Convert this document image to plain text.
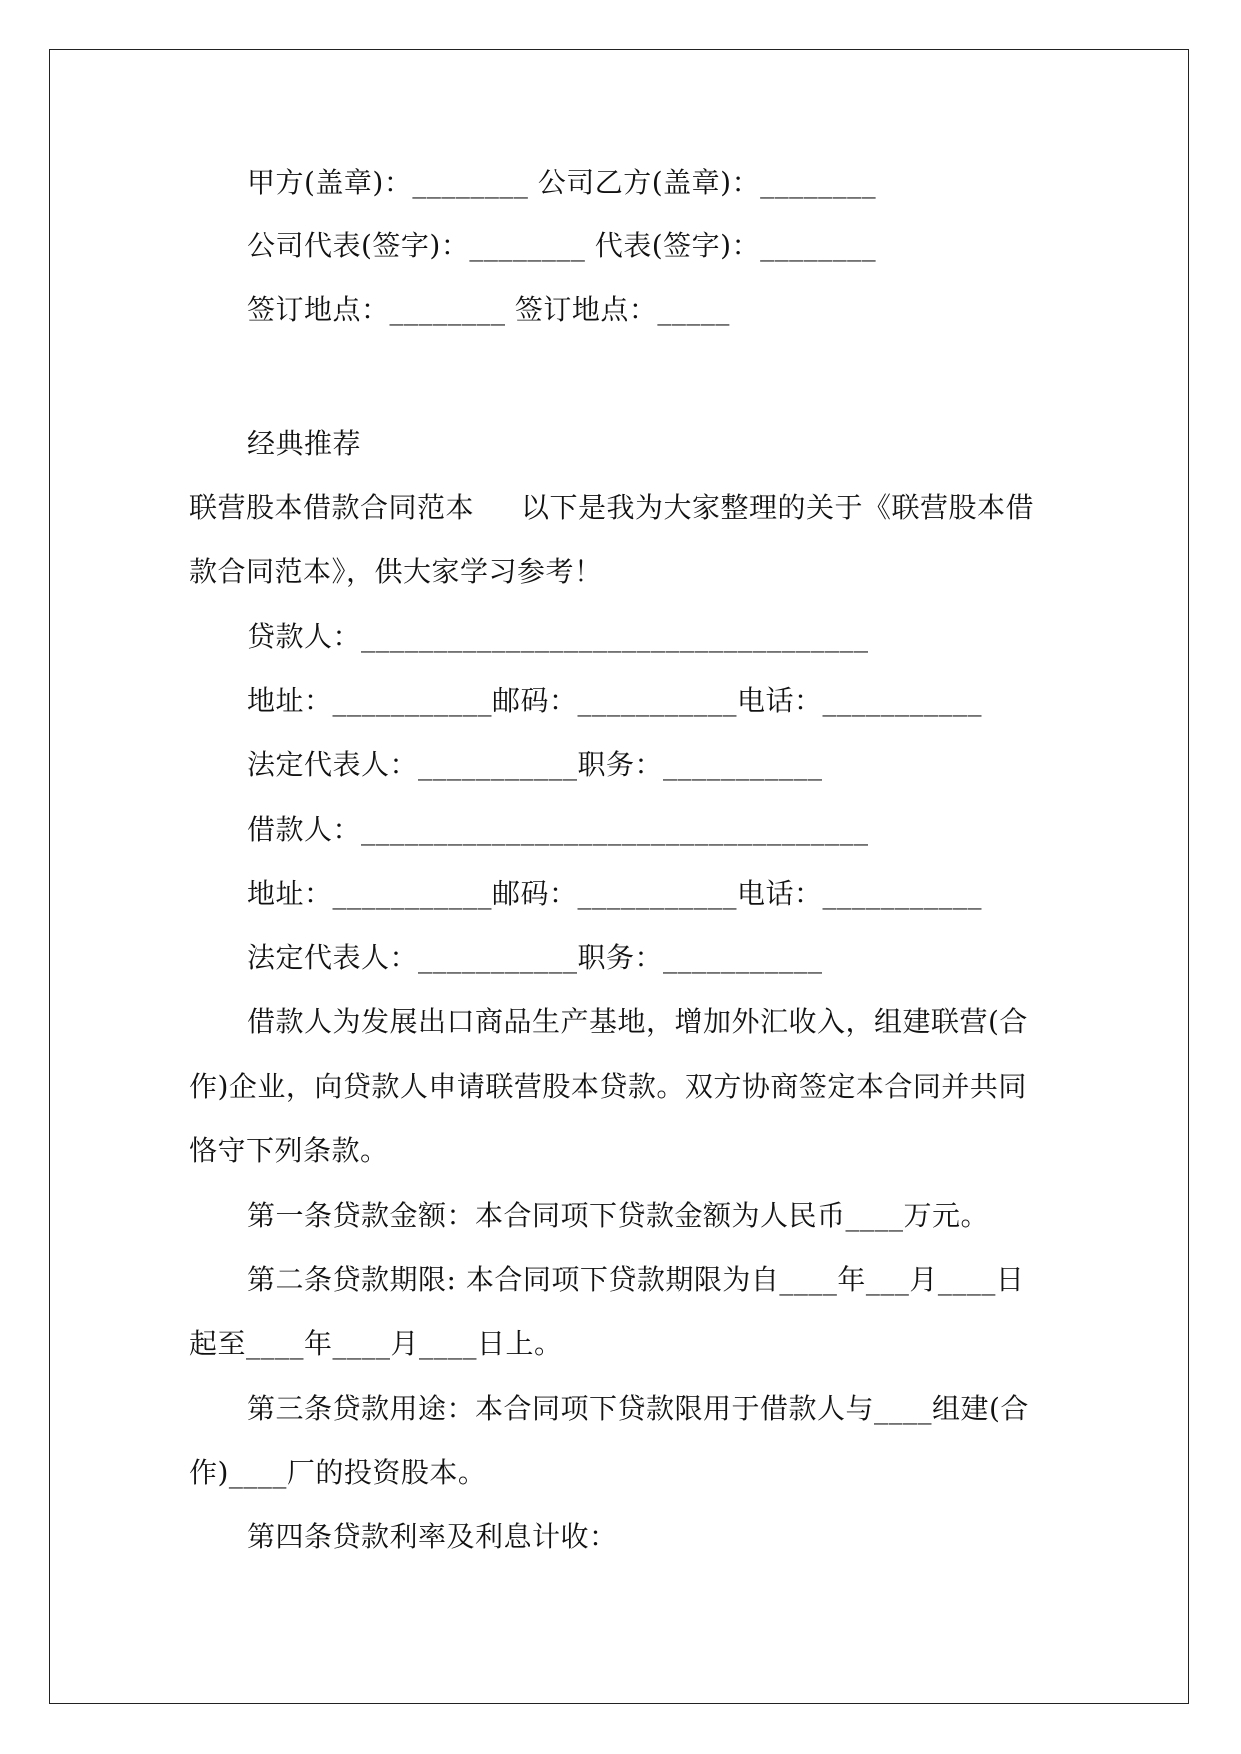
甲方(盖章)：________ 公司乙方(盖章)：________
公司代表(签字)：________ 代表(签字)：________
签订地点：________ 签订地点：_____
经典推荐
联营股本借款合同范本     以下是我为大家整理的关于《联营股本借
款合同范本》，供大家学习参考！
贷款人：___________________________________
地址：___________邮码：___________电话：___________
法定代表人：___________职务：___________
借款人：___________________________________
地址：___________邮码：___________电话：___________
法定代表人：___________职务：___________
借款人为发展出口商品生产基地，增加外汇收入，组建联营(合
作)企业，向贷款人申请联营股本贷款。双方协商签定本合同并共同
恪守下列条款。
第一条贷款金额：本合同项下贷款金额为人民币____万元。
第二条贷款期限: 本合同项下贷款期限为自____年___月____日
起至____年____月____日上。
第三条贷款用途：本合同项下贷款限用于借款人与____组建(合
作)____厂的投资股本。
第四条贷款利率及利息计收：
